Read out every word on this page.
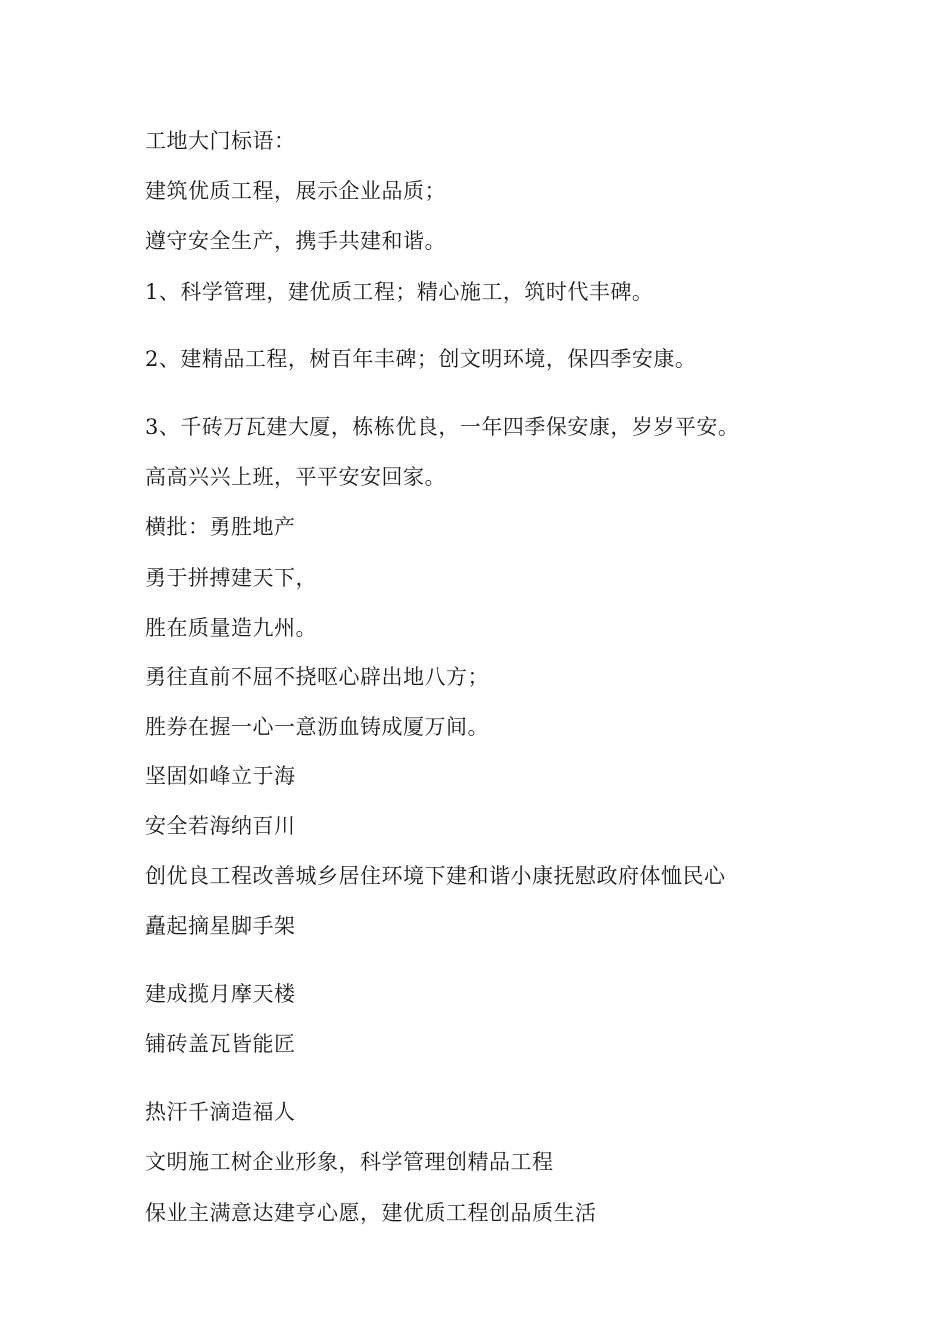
工地大门标语：
建筑优质工程，展示企业品质；
遵守安全生产，携手共建和谐。
1、科学管理，建优质工程；精心施工，筑时代丰碑。
2、建精品工程，树百年丰碑；创文明环境，保四季安康。
3、千砖万瓦建大厦，栋栋优良，一年四季保安康，岁岁平安。
高高兴兴上班，平平安安回家。
横批：勇胜地产
勇于拼搏建天下，
胜在质量造九州。
勇往直前不屈不挠呕心辟出地八方；
胜券在握一心一意沥血铸成厦万间。
坚固如峰立于海
安全若海纳百川
创优良工程改善城乡居住环境下建和谐小康抚慰政府体恤民心
矗起摘星脚手架
建成揽月摩天楼
铺砖盖瓦皆能匠
热汗千滴造福人
文明施工树企业形象，科学管理创精品工程
保业主满意达建亨心愿，建优质工程创品质生活
